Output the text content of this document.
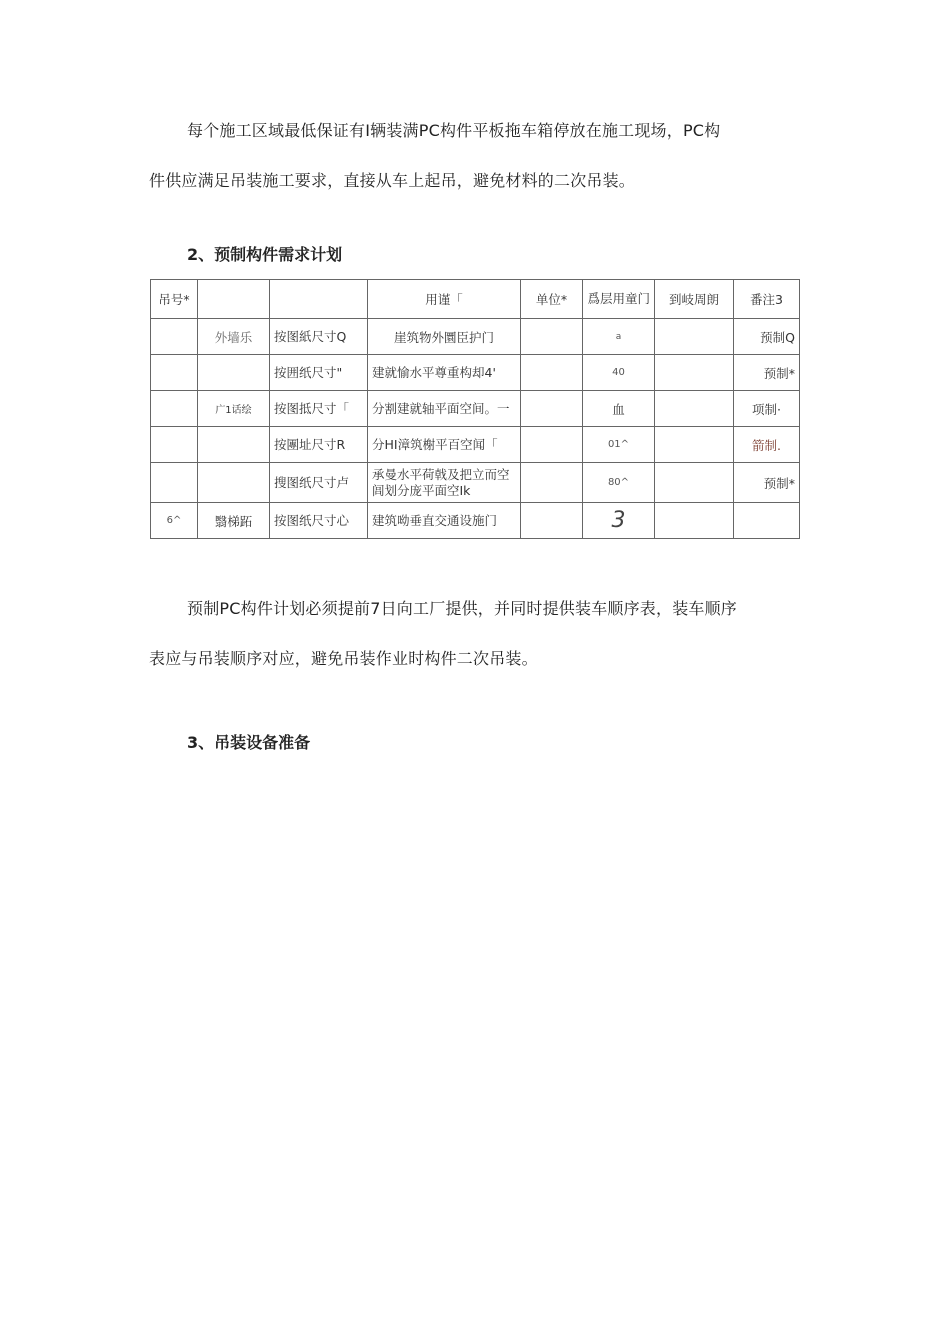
每个施工区域最低保证有Ⅰ辆装满PC构件平板拖车箱停放在施工现场，PC构
件供应满足吊装施工要求，直接从车上起吊，避免材料的二次吊装。

2、预制构件需求计划
吊号*			用谨「	单位*	爲层用童门	到岐周朗	番注3
	外墙乐	按图紙尺寸Q	崖筑物外圜臣护门		a		预制Q
		按囲纸尺寸"	建就愉水平尊重构却4'		40		预制*
	广1话绘	按图抵尺寸「	分割建就轴平面空间。一		血		项制·
		按團址尺寸R	分HI漳筑榭平百空闻「		01^		箭制.
		搜图纸尺寸卢	承曼水平荷戟及把立而空闾划分庞平面空Ik		80^		预制*
6^	翳梯跖	按图纸尺寸心	建筑呦垂直交通设施门		3		

预制PC构件计划必须提前7日向工厂提供，并同时提供装车顺序表，装车顺序
表应与吊装顺序对应，避免吊装作业时构件二次吊装。

3、吊装设备准备
